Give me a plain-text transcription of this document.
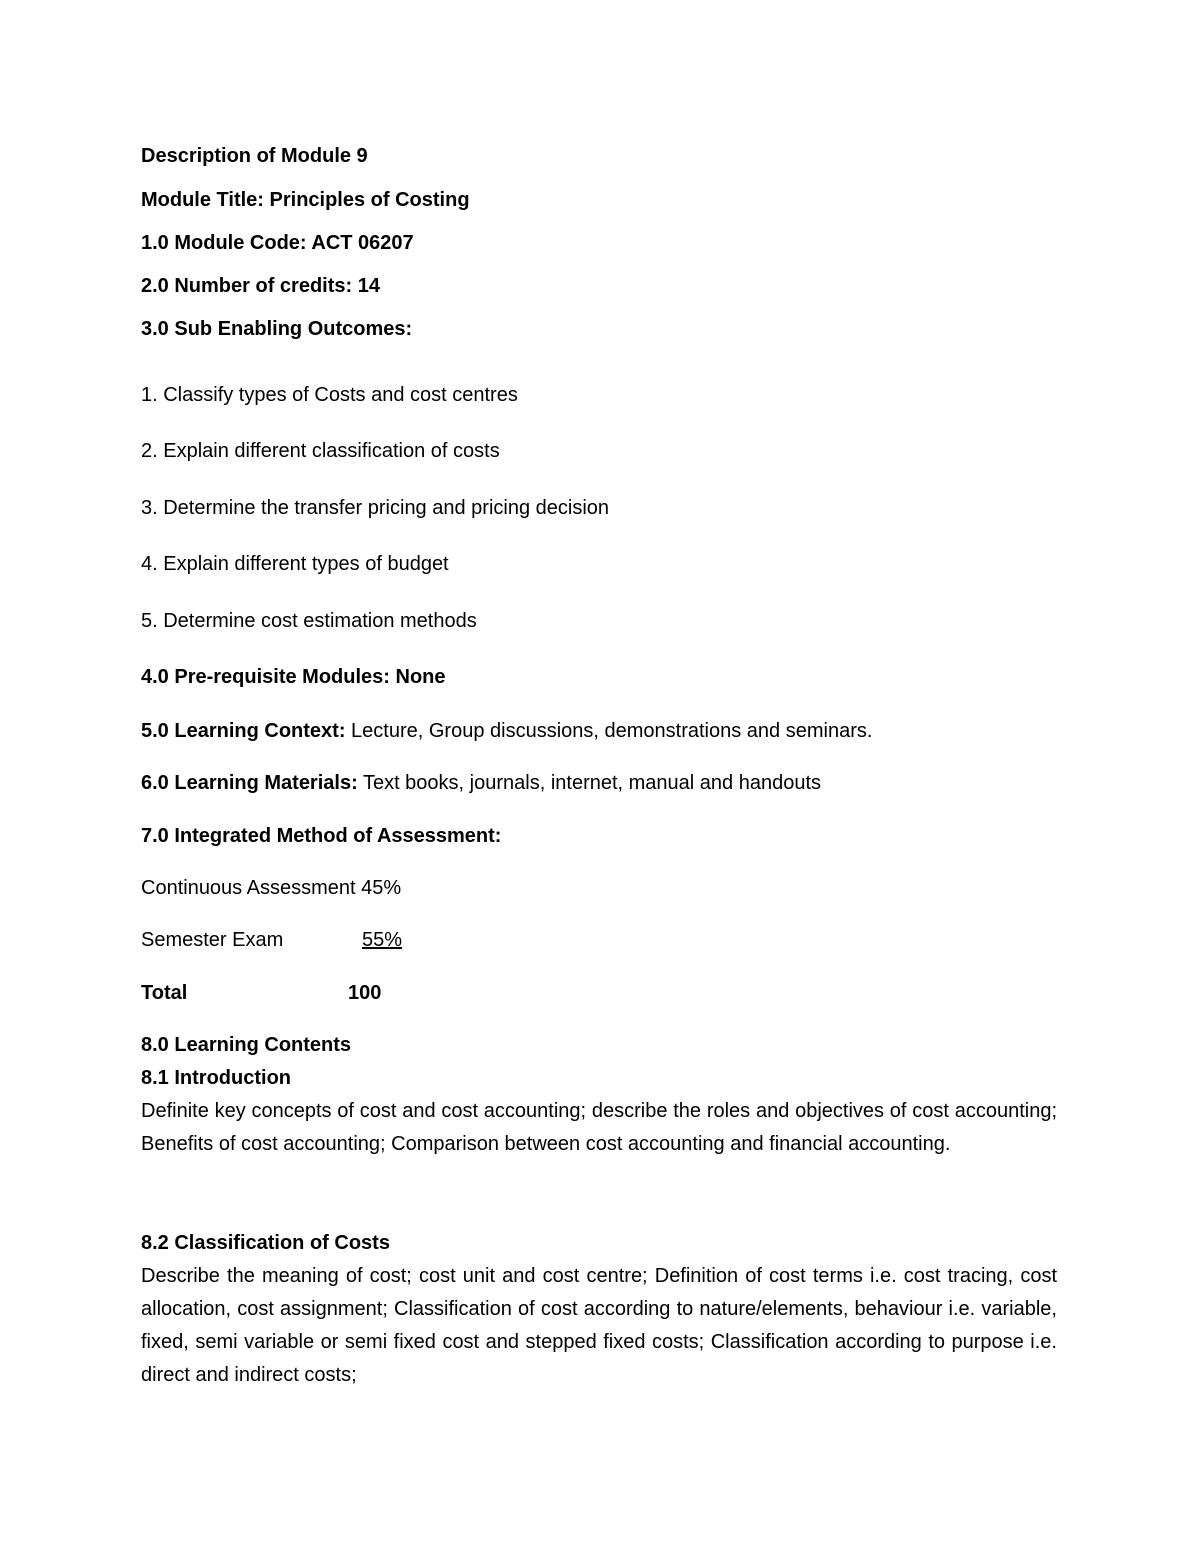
Description of Module 9
Module Title: Principles of Costing
1.0 Module Code: ACT 06207
2.0 Number of credits: 14
3.0 Sub Enabling Outcomes:
1. Classify types of Costs and cost centres
2. Explain different classification of costs
3. Determine the transfer pricing and pricing decision
4. Explain different types of budget
5. Determine cost estimation methods
4.0 Pre-requisite Modules: None
5.0 Learning Context: Lecture, Group discussions, demonstrations and seminars.
6.0 Learning Materials: Text books, journals, internet, manual and handouts
7.0 Integrated Method of Assessment:
Continuous Assessment 45%
Semester Exam	55%
Total	100
8.0 Learning Contents
8.1 Introduction
Definite key concepts of cost and cost accounting; describe the roles and objectives of cost accounting; Benefits of cost accounting; Comparison between cost accounting and financial accounting.
8.2 Classification of Costs
Describe the meaning of cost; cost unit and cost centre; Definition of cost terms i.e. cost tracing, cost allocation, cost assignment; Classification of cost according to nature/elements, behaviour i.e. variable, fixed, semi variable or semi fixed cost and stepped fixed costs; Classification according to purpose i.e. direct and indirect costs;
